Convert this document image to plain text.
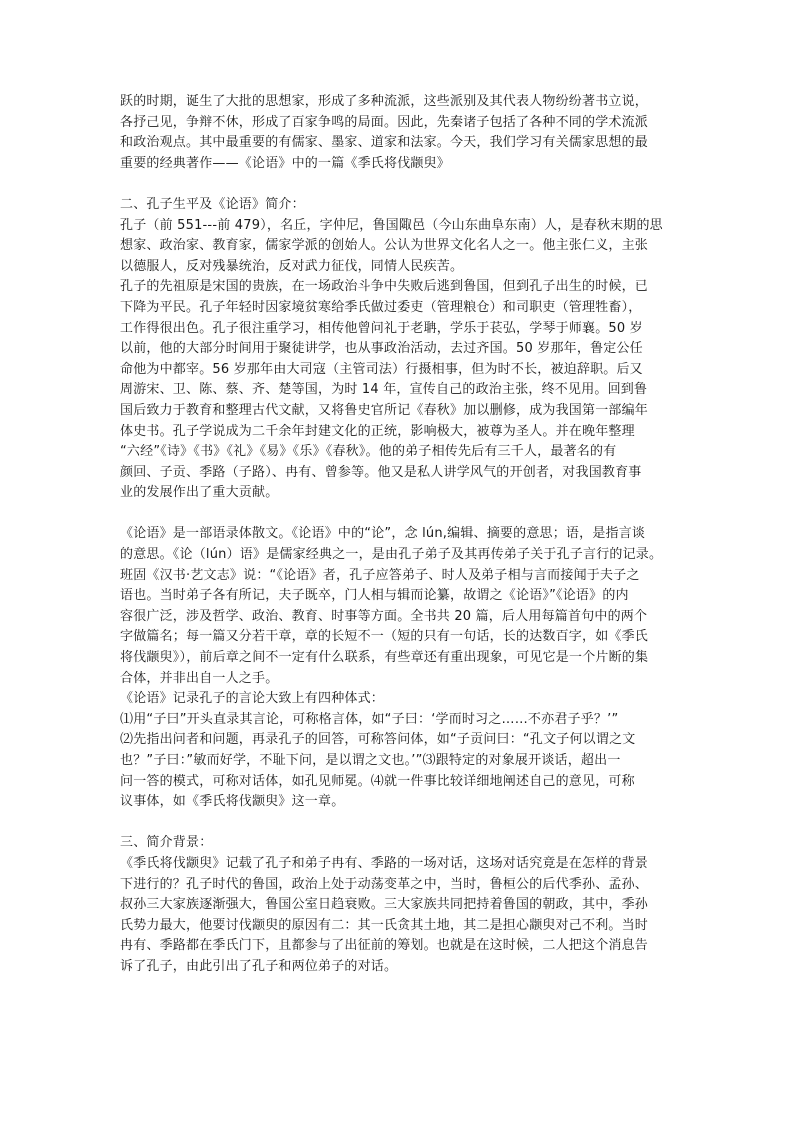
跃的时期，诞生了大批的思想家，形成了多种流派，这些派别及其代表人物纷纷著书立说，
各抒己见，争辩不休，形成了百家争鸣的局面。因此，先秦诸子包括了各种不同的学术流派
和政治观点。其中最重要的有儒家、墨家、道家和法家。今天，我们学习有关儒家思想的最
重要的经典著作——《论语》中的一篇《季氏将伐颛臾》
二、孔子生平及《论语》简介：
孔子（前 551---前 479），名丘，字仲尼，鲁国陬邑（今山东曲阜东南）人，是春秋末期的思
想家、政治家、教育家，儒家学派的创始人。公认为世界文化名人之一。他主张仁义，主张
以德服人，反对残暴统治，反对武力征伐，同情人民疾苦。
孔子的先祖原是宋国的贵族，在一场政治斗争中失败后逃到鲁国，但到孔子出生的时候，已
下降为平民。孔子年轻时因家境贫寒给季氏做过委吏（管理粮仓）和司职吏（管理牲畜），
工作得很出色。孔子很注重学习，相传他曾问礼于老聃，学乐于苌弘，学琴于师襄。50 岁
以前，他的大部分时间用于聚徒讲学，也从事政治活动，去过齐国。50 岁那年，鲁定公任
命他为中都宰。56 岁那年由大司寇（主管司法）行摄相事，但为时不长，被迫辞职。后又
周游宋、卫、陈、蔡、齐、楚等国，为时 14 年，宣传自己的政治主张，终不见用。回到鲁
国后致力于教育和整理古代文献，又将鲁史官所记《春秋》加以删修，成为我国第一部编年
体史书。孔子学说成为二千余年封建文化的正统，影响极大，被尊为圣人。并在晚年整理
“六经”《诗》《书》《礼》《易》《乐》《春秋》。他的弟子相传先后有三千人，最著名的有
颜回、子贡、季路（子路）、冉有、曾参等。他又是私人讲学风气的开创者，对我国教育事
业的发展作出了重大贡献。
《论语》是一部语录体散文。《论语》中的“论”，念 lún,编辑、摘要的意思；语，是指言谈
的意思。《论（lún）语》是儒家经典之一，是由孔子弟子及其再传弟子关于孔子言行的记录。
班固《汉书·艺文志》说：“《论语》者，孔子应答弟子、时人及弟子相与言而接闻于夫子之
语也。当时弟子各有所记，夫子既卒，门人相与辑而论纂，故谓之《论语》”《论语》的内
容很广泛，涉及哲学、政治、教育、时事等方面。全书共 20 篇，后人用每篇首句中的两个
字做篇名；每一篇又分若干章，章的长短不一（短的只有一句话，长的达数百字，如《季氏
将伐颛臾》），前后章之间不一定有什么联系，有些章还有重出现象，可见它是一个片断的集
合体，并非出自一人之手。
《论语》记录孔子的言论大致上有四种体式：
⑴用“子曰”开头直录其言论，可称格言体，如“子曰：‘学而时习之……不亦君子乎？’”
⑵先指出问者和问题，再录孔子的回答，可称答问体，如“子贡问曰：“孔文子何以谓之文
也？”子曰：”敏而好学，不耻下问，是以谓之文也。’”⑶跟特定的对象展开谈话，超出一
问一答的模式，可称对话体，如孔见师冕。⑷就一件事比较详细地阐述自己的意见，可称
议事体，如《季氏将伐颛臾》这一章。
三、简介背景：
《季氏将伐颛臾》记载了孔子和弟子冉有、季路的一场对话，这场对话究竟是在怎样的背景
下进行的？孔子时代的鲁国，政治上处于动荡变革之中，当时，鲁桓公的后代季孙、孟孙、
叔孙三大家族逐渐强大，鲁国公室日趋衰败。三大家族共同把持着鲁国的朝政，其中，季孙
氏势力最大，他要讨伐颛臾的原因有二：其一氏贪其土地，其二是担心颛臾对己不利。当时
冉有、季路都在季氏门下，且都参与了出征前的筹划。也就是在这时候，二人把这个消息告
诉了孔子，由此引出了孔子和两位弟子的对话。
